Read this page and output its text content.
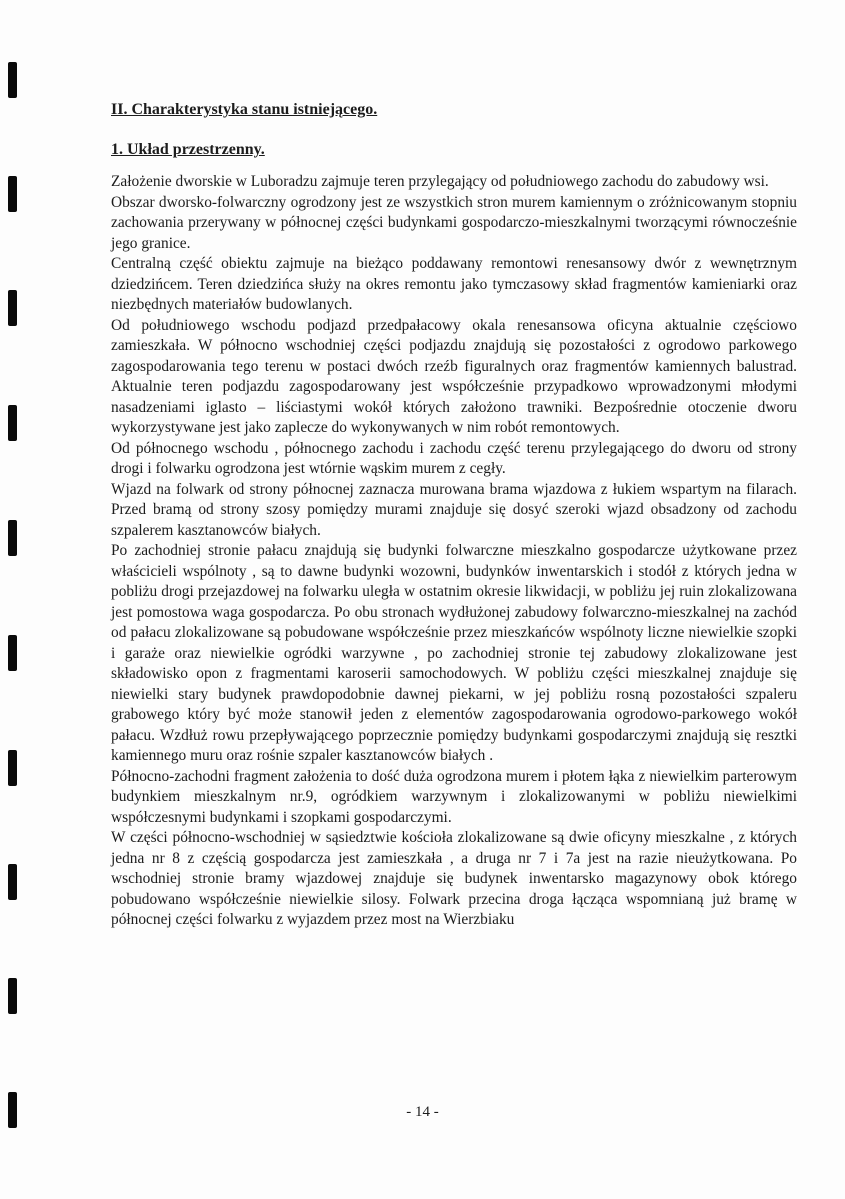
II. Charakterystyka stanu istniejącego.
1. Układ przestrzenny.

Założenie dworskie w Luboradzu zajmuje teren przylegający od południowego zachodu do zabudowy wsi.

Obszar dworsko-folwarczny ogrodzony jest ze wszystkich stron murem kamiennym o zróżnicowanym stopniu zachowania przerywany w północnej części budynkami gospodarczo-mieszkalnymi tworzącymi równocześnie jego granice.

Centralną część obiektu zajmuje na bieżąco poddawany remontowi renesansowy dwór z wewnętrznym dziedzińcem. Teren dziedzińca służy na okres remontu jako tymczasowy skład fragmentów kamieniarki oraz niezbędnych materiałów budowlanych.

Od południowego wschodu podjazd przedpałacowy okala renesansowa oficyna aktualnie częściowo zamieszkała. W północno wschodniej części podjazdu znajdują się pozostałości z ogrodowo parkowego zagospodarowania tego terenu w postaci dwóch rzeźb figuralnych oraz fragmentów kamiennych balustrad. Aktualnie teren podjazdu zagospodarowany jest współcześnie przypadkowo wprowadzonymi młodymi nasadzeniami iglasto – liściastymi wokół których założono trawniki. Bezpośrednie otoczenie dworu wykorzystywane jest jako zaplecze do wykonywanych w nim robót remontowych.

Od północnego wschodu , północnego zachodu i zachodu część terenu przylegającego do dworu od strony drogi i folwarku ogrodzona jest wtórnie wąskim murem z cegły.

Wjazd na folwark od strony północnej zaznacza murowana brama wjazdowa z łukiem wspartym na filarach. Przed bramą od strony szosy pomiędzy murami znajduje się dosyć szeroki wjazd obsadzony od zachodu szpalerem kasztanowców białych.

Po zachodniej stronie pałacu znajdują się budynki folwarczne mieszkalno gospodarcze użytkowane przez właścicieli wspólnoty , są to dawne budynki wozowni, budynków inwentarskich i stodół z których jedna w pobliżu drogi przejazdowej na folwarku uległa w ostatnim okresie likwidacji, w pobliżu jej ruin zlokalizowana jest pomostowa waga gospodarcza. Po obu stronach wydłużonej zabudowy folwarczno-mieszkalnej na zachód od pałacu zlokalizowane są pobudowane współcześnie przez mieszkańców wspólnoty liczne niewielkie szopki i garaże oraz niewielkie ogródki warzywne , po zachodniej stronie tej zabudowy zlokalizowane jest składowisko opon z fragmentami karoserii samochodowych. W pobliżu części mieszkalnej znajduje się niewielki stary budynek prawdopodobnie dawnej piekarni, w jej pobliżu rosną pozostałości szpaleru grabowego który być może stanowił jeden z elementów zagospodarowania ogrodowo-parkowego wokół pałacu. Wzdłuż rowu przepływającego poprzecznie pomiędzy budynkami gospodarczymi znajdują się resztki kamiennego muru oraz rośnie szpaler kasztanowców białych .

Północno-zachodni fragment założenia to dość duża ogrodzona murem i płotem łąka z niewielkim parterowym budynkiem mieszkalnym nr.9, ogródkiem warzywnym i zlokalizowanymi w pobliżu niewielkimi współczesnymi budynkami i szopkami gospodarczymi.

W części północno-wschodniej w sąsiedztwie kościoła zlokalizowane są dwie oficyny mieszkalne , z których jedna nr 8 z częścią gospodarcza jest zamieszkała , a druga nr 7 i 7a jest na razie nieużytkowana. Po wschodniej stronie bramy wjazdowej znajduje się budynek inwentarsko magazynowy obok którego pobudowano współcześnie niewielkie silosy. Folwark przecina droga łącząca wspomnianą już bramę w północnej części folwarku z wyjazdem przez most na Wierzbiaku

- 14 -
